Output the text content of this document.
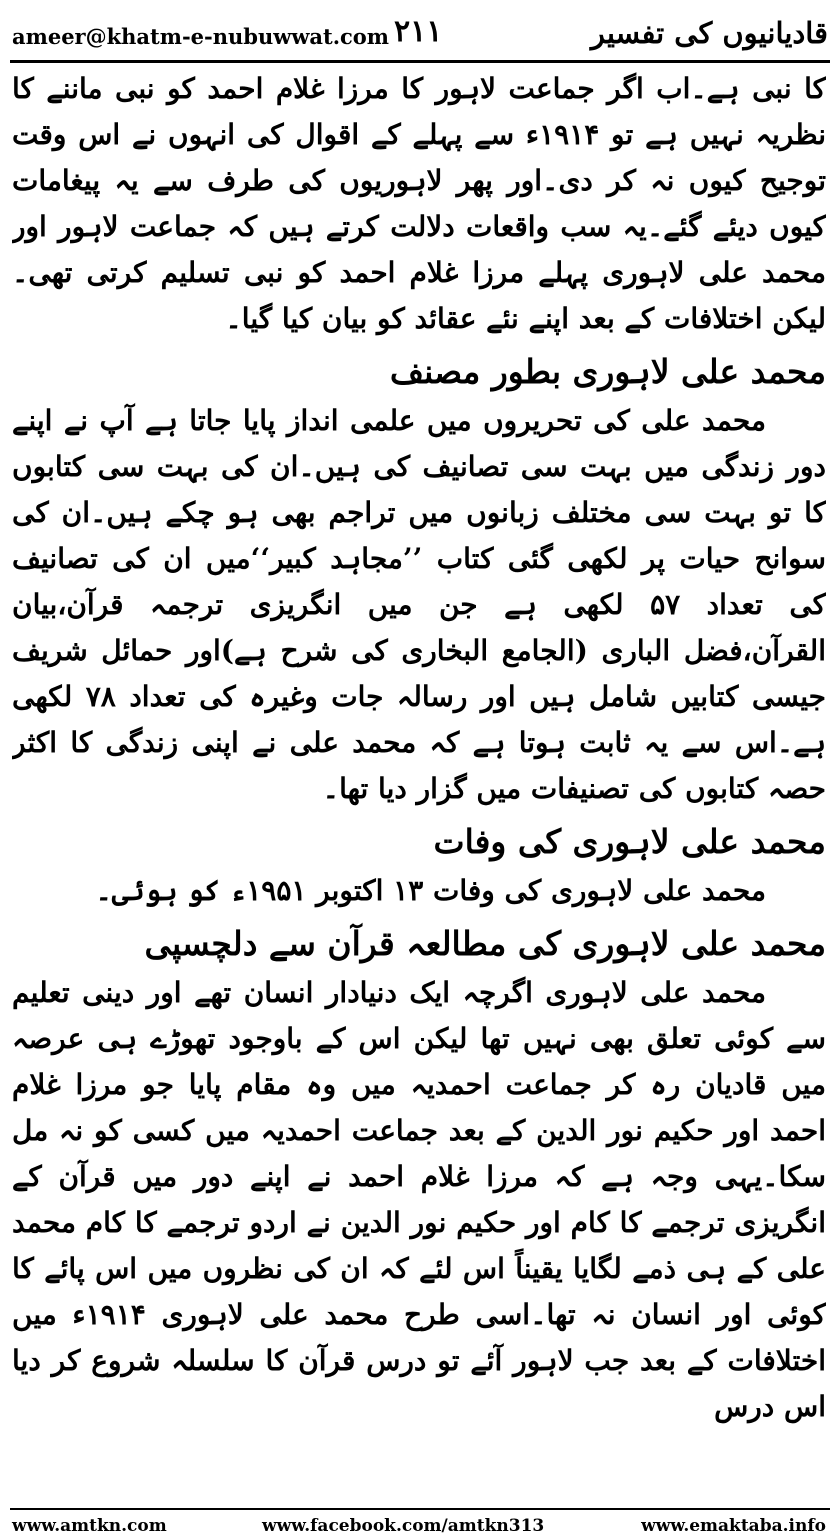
ameer@khatm-e-nubuwwat.com ٢١١	قادیانیوں کی تفسیر

کا نبی ہے۔اب اگر جماعت لاہور کا مرزا غلام احمد کو نبی ماننے کا نظریہ نہیں ہے تو ۱۹۱۴ء سے پہلے کے اقوال کی انہوں نے اس وقت توجیح کیوں نہ کر دی۔اور پھر لاہوریوں کی طرف سے یہ پیغامات کیوں دیئے گئے۔یہ سب واقعات دلالت کرتے ہیں کہ جماعت لاہور اور محمد علی لاہوری پہلے مرزا غلام احمد کو نبی تسلیم کرتی تھی۔لیکن اختلافات کے بعد اپنے نئے عقائد کو بیان کیا گیا۔

محمد علی لاہوری بطور مصنف

محمد علی کی تحریروں میں علمی انداز پایا جاتا ہے آپ نے اپنے دور زندگی میں بہت سی تصانیف کی ہیں۔ان کی بہت سی کتابوں کا تو بہت سی مختلف زبانوں میں تراجم بھی ہو چکے ہیں۔ان کی سوانح حیات پر لکھی گئی کتاب ’’مجاہد کبیر‘‘میں ان کی تصانیف کی تعداد ۵۷ لکھی ہے جن میں انگریزی ترجمہ قرآن،بیان القرآن،فضل الباری (الجامع البخاری کی شرح ہے)اور حمائل شریف جیسی کتابیں شامل ہیں اور رسالہ جات وغیرہ کی تعداد ۷۸ لکھی ہے۔اس سے یہ ثابت ہوتا ہے کہ محمد علی نے اپنی زندگی کا اکثر حصہ کتابوں کی تصنیفات میں گزار دیا تھا۔

محمد علی لاہوری کی وفات

محمد علی لاہوری کی وفات ۱۳ اکتوبر ۱۹۵۱ء کو ہوئی۔

محمد علی لاہوری کی مطالعہ قرآن سے دلچسپی

محمد علی لاہوری اگرچہ ایک دنیادار انسان تھے اور دینی تعلیم سے کوئی تعلق بھی نہیں تھا لیکن اس کے باوجود تھوڑے ہی عرصہ میں قادیان رہ کر جماعت احمدیہ میں وہ مقام پایا جو مرزا غلام احمد اور حکیم نور الدین کے بعد جماعت احمدیہ میں کسی کو نہ مل سکا۔یہی وجہ ہے کہ مرزا غلام احمد نے اپنے دور میں قرآن کے انگریزی ترجمے کا کام اور حکیم نور الدین نے اردو ترجمے کا کام محمد علی کے ہی ذمے لگایا یقیناً اس لئے کہ ان کی نظروں میں اس پائے کا کوئی اور انسان نہ تھا۔اسی طرح محمد علی لاہوری ۱۹۱۴ء میں اختلافات کے بعد جب لاہور آئے تو درس قرآن کا سلسلہ شروع کر دیا اس درس

www.amtkn.com	www.facebook.com/amtkn313	www.emaktaba.info
